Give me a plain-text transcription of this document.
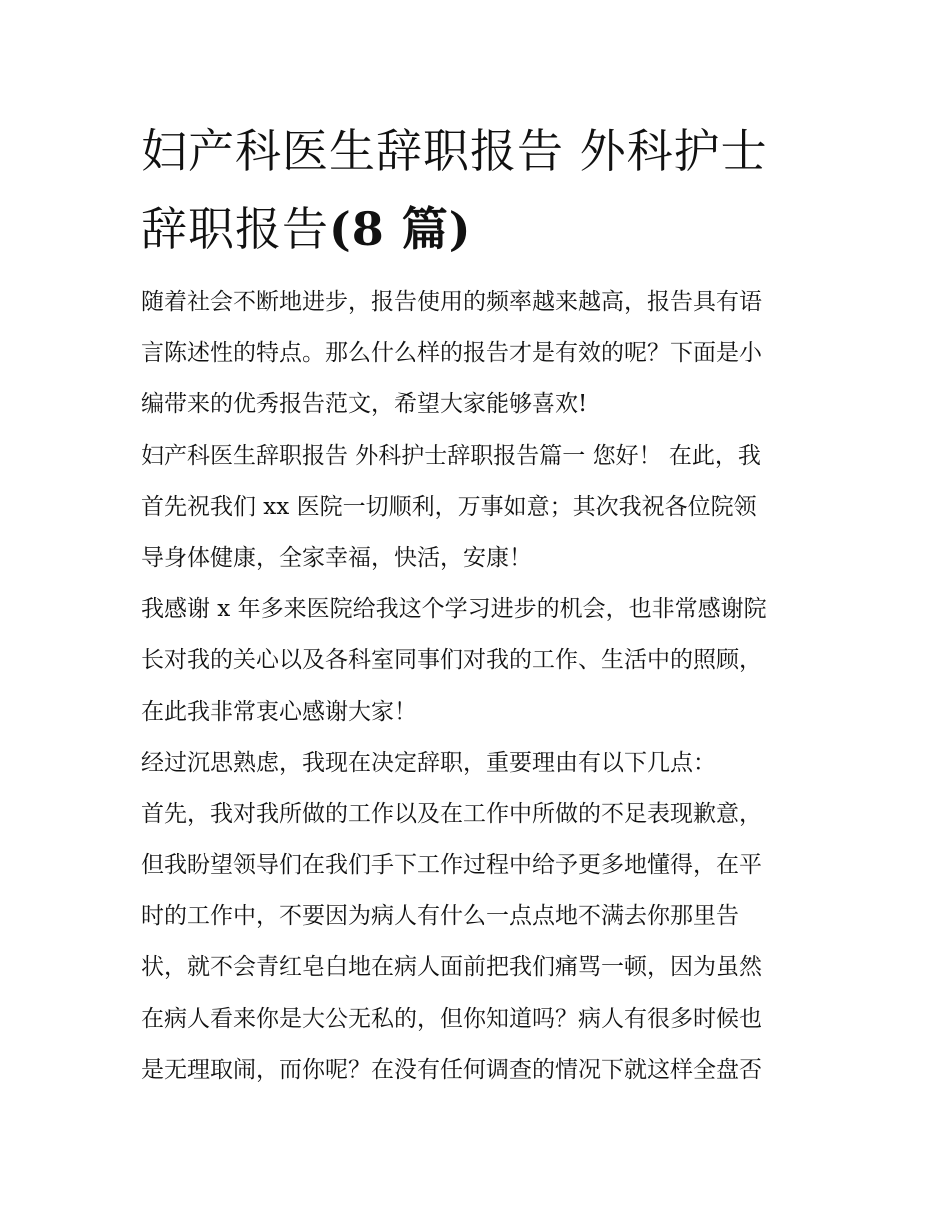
妇产科医生辞职报告 外科护士
辞职报告(8 篇)
随着社会不断地进步，报告使用的频率越来越高，报告具有语
言陈述性的特点。那么什么样的报告才是有效的呢？下面是小
编带来的优秀报告范文，希望大家能够喜欢!
妇产科医生辞职报告 外科护士辞职报告篇一 您好！ 在此，我
首先祝我们 xx 医院一切顺利，万事如意；其次我祝各位院领
导身体健康，全家幸福，快活，安康！
我感谢 x 年多来医院给我这个学习进步的机会，也非常感谢院
长对我的关心以及各科室同事们对我的工作、生活中的照顾，
在此我非常衷心感谢大家！
经过沉思熟虑，我现在决定辞职，重要理由有以下几点：
首先，我对我所做的工作以及在工作中所做的不足表现歉意，
但我盼望领导们在我们手下工作过程中给予更多地懂得，在平
时的工作中，不要因为病人有什么一点点地不满去你那里告
状，就不会青红皂白地在病人面前把我们痛骂一顿，因为虽然
在病人看来你是大公无私的，但你知道吗？病人有很多时候也
是无理取闹，而你呢？在没有任何调查的情况下就这样全盘否
